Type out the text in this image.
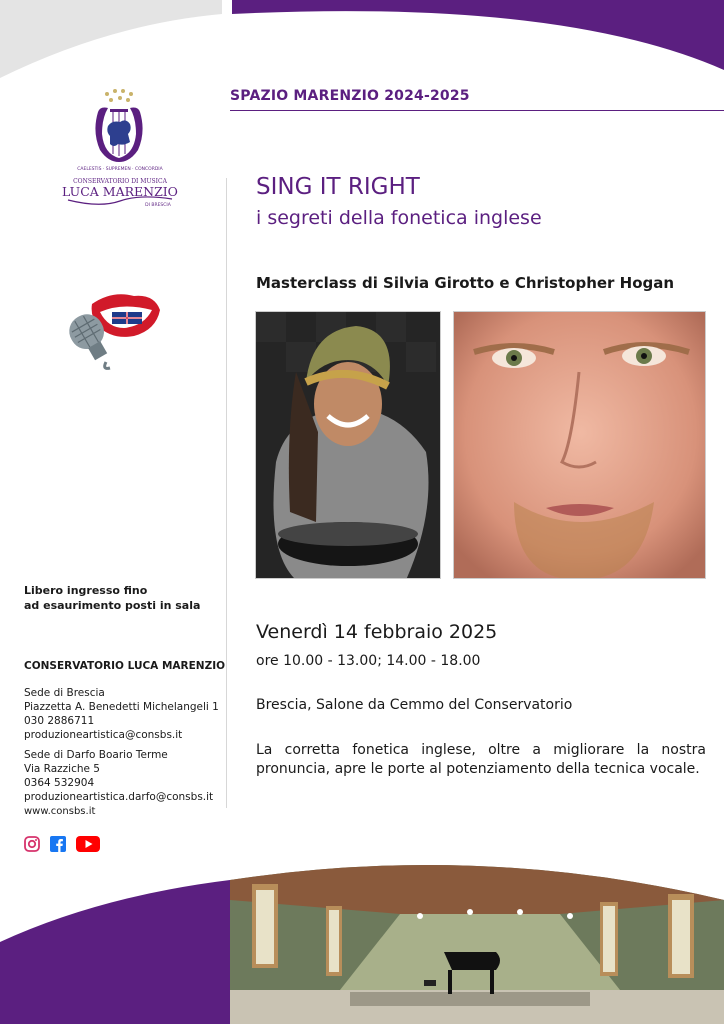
SPAZIO MARENZIO 2024-2025
CAELESTIS · SUPREMEN · CONCORDIA
CONSERVATORIO DI MUSICA
LUCA MARENZIO
DI BRESCIA
SING IT RIGHT
i segreti della fonetica inglese
Masterclass di Silvia Girotto e Christopher Hogan
Venerdì 14 febbraio 2025
ore 10.00 - 13.00; 14.00 - 18.00
Brescia, Salone da Cemmo del Conservatorio
La corretta fonetica inglese, oltre a migliorare la nostra pronuncia, apre le porte al potenziamento della tecnica vocale.
Libero ingresso fino
ad esaurimento posti in sala
CONSERVATORIO LUCA MARENZIO
Sede di Brescia
Piazzetta A. Benedetti Michelangeli 1
030 2886711
produzioneartistica@consbs.it
Sede di Darfo Boario Terme
Via Razziche 5
0364 532904
produzioneartistica.darfo@consbs.it
www.consbs.it
